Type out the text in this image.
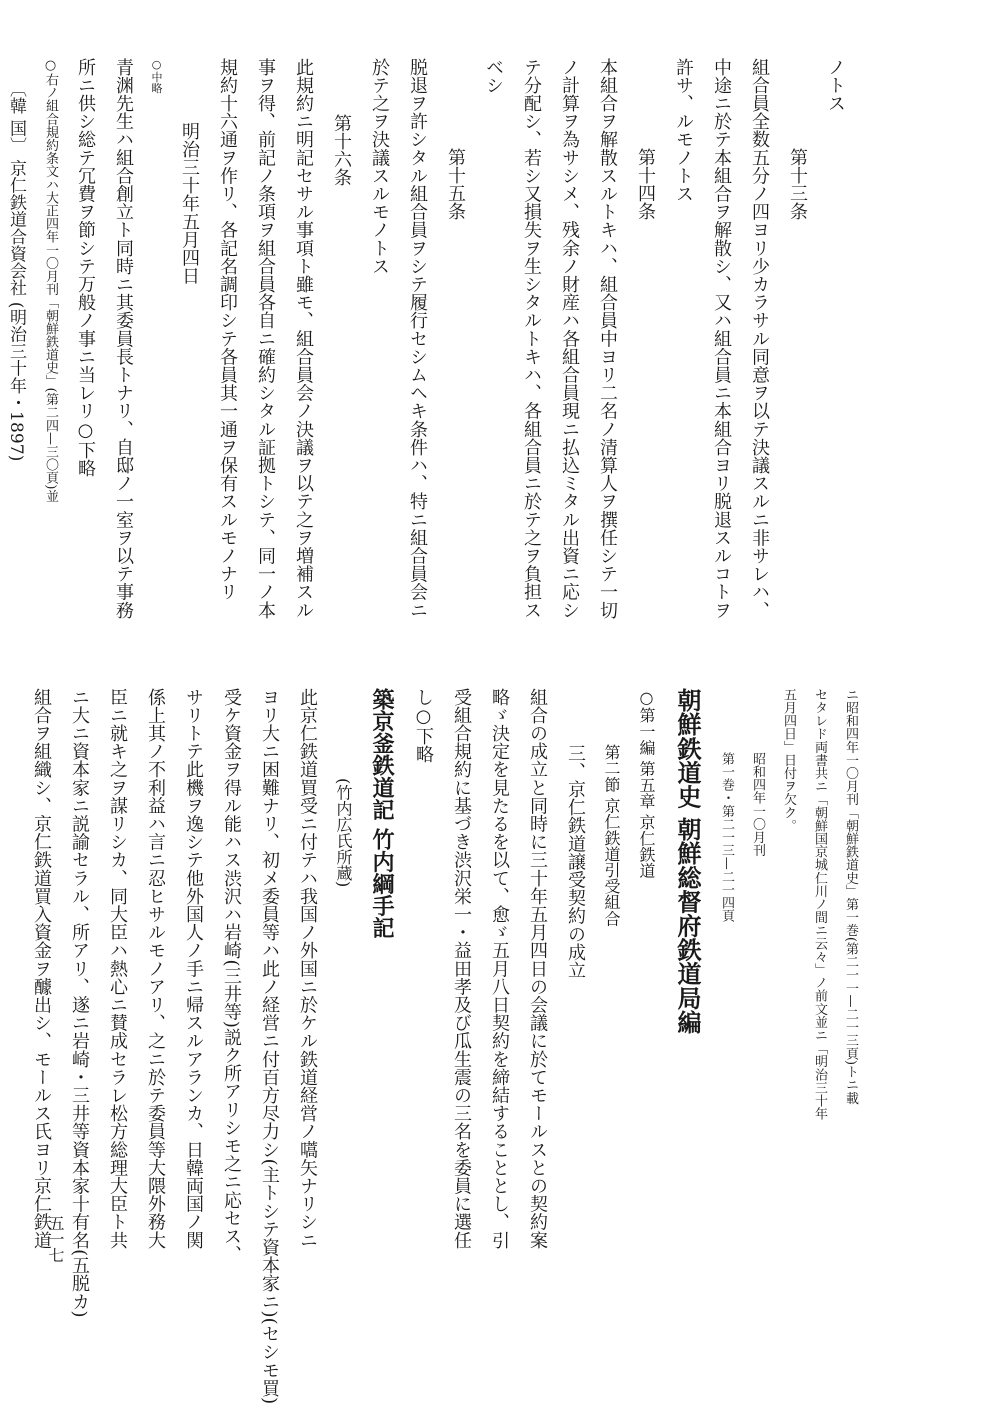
ノトス
第十三条
組合員全数五分ノ四ヨリ少カラサル同意ヲ以テ決議スルニ非サレハ、
中途ニ於テ本組合ヲ解散シ、又ハ組合員ニ本組合ヨリ脱退スルコトヲ
許サ、ルモノトス
第十四条
本組合ヲ解散スルトキハ、組合員中ヨリ二名ノ清算人ヲ撰任シテ一切
ノ計算ヲ為サシメ、残余ノ財産ハ各組合員現ニ払込ミタル出資ニ応シ
テ分配シ、若シ又損失ヲ生シタルトキハ、各組合員ニ於テ之ヲ負担ス
ベシ
第十五条
脱退ヲ許シタル組合員ヲシテ履行セシムヘキ条件ハ、特ニ組合員会ニ
於テ之ヲ決議スルモノトス
第十六条
此規約ニ明記セサル事項ト雖モ、組合員会ノ決議ヲ以テ之ヲ増補スル
事ヲ得、前記ノ条項ヲ組合員各自ニ確約シタル証拠トシテ、同一ノ本
規約十六通ヲ作リ、各記名調印シテ各員其一通ヲ保有スルモノナリ
明治三十年五月四日
○中略
青渊先生ハ組合創立ト同時ニ其委員長トナリ、自邸ノ一室ヲ以テ事務
所ニ供シ総テ冗費ヲ節シテ万般ノ事ニ当レリ○下略
○右ノ組合規約条文ハ大正四年一〇月刊「朝鮮鉄道史」(第二四—三〇頁)並
〔韓 国〕 京仁鉄道合資会社 (明治三十年・1897)
ニ昭和四年一〇月刊「朝鮮鉄道史」第一巻(第二一一—二一三頁)トニ載
セタレド両書共ニ「朝鮮国京城仁川ノ間ニ云々」ノ前文並ニ「明治三十年
五月四日」日付ヲ欠ク。
昭和四年一〇月刊
第一巻・第二一三—二一四頁
朝鮮鉄道史 朝鮮総督府鉄道局編
○第一編 第五章 京仁鉄道
第二節 京仁鉄道引受組合
三、京仁鉄道譲受契約の成立
組合の成立と同時に三十年五月四日の会議に於てモールスとの契約案
略ゞ決定を見たるを以て、愈ゞ五月八日契約を締結することとし、引
受組合規約に基づき渋沢栄一・益田孝及び瓜生震の三名を委員に選任
し○下略
築京釜鉄道記 竹内綱手記
(竹内広氏所蔵)
此京仁鉄道買受ニ付テハ我国ノ外国ニ於ケル鉄道経営ノ嚆矢ナリシニ
ヨリ大ニ困難ナリ、初メ委員等ハ此ノ経営ニ付百方尽力シ(主トシテ資本家ニ)(セシモ買)
受ケ資金ヲ得ル能ハス渋沢ハ岩崎(三井等)説ク所アリシモ之ニ応セス、
サリトテ此機ヲ逸シテ他外国人ノ手ニ帰スルアランカ、日韓両国ノ関
係上其ノ不利益ハ言ニ忍ヒサルモノアリ、之ニ於テ委員等大隈外務大
臣ニ就キ之ヲ謀リシカ、同大臣ハ熱心ニ賛成セラレ松方総理大臣ト共
ニ大ニ資本家ニ説諭セラル、所アリ、遂ニ岩崎・三井等資本家十有名(五脱カ)
組合ヲ組織シ、京仁鉄道買入資金ヲ醵出シ、モールス氏ヨリ京仁鉄道
五一七
